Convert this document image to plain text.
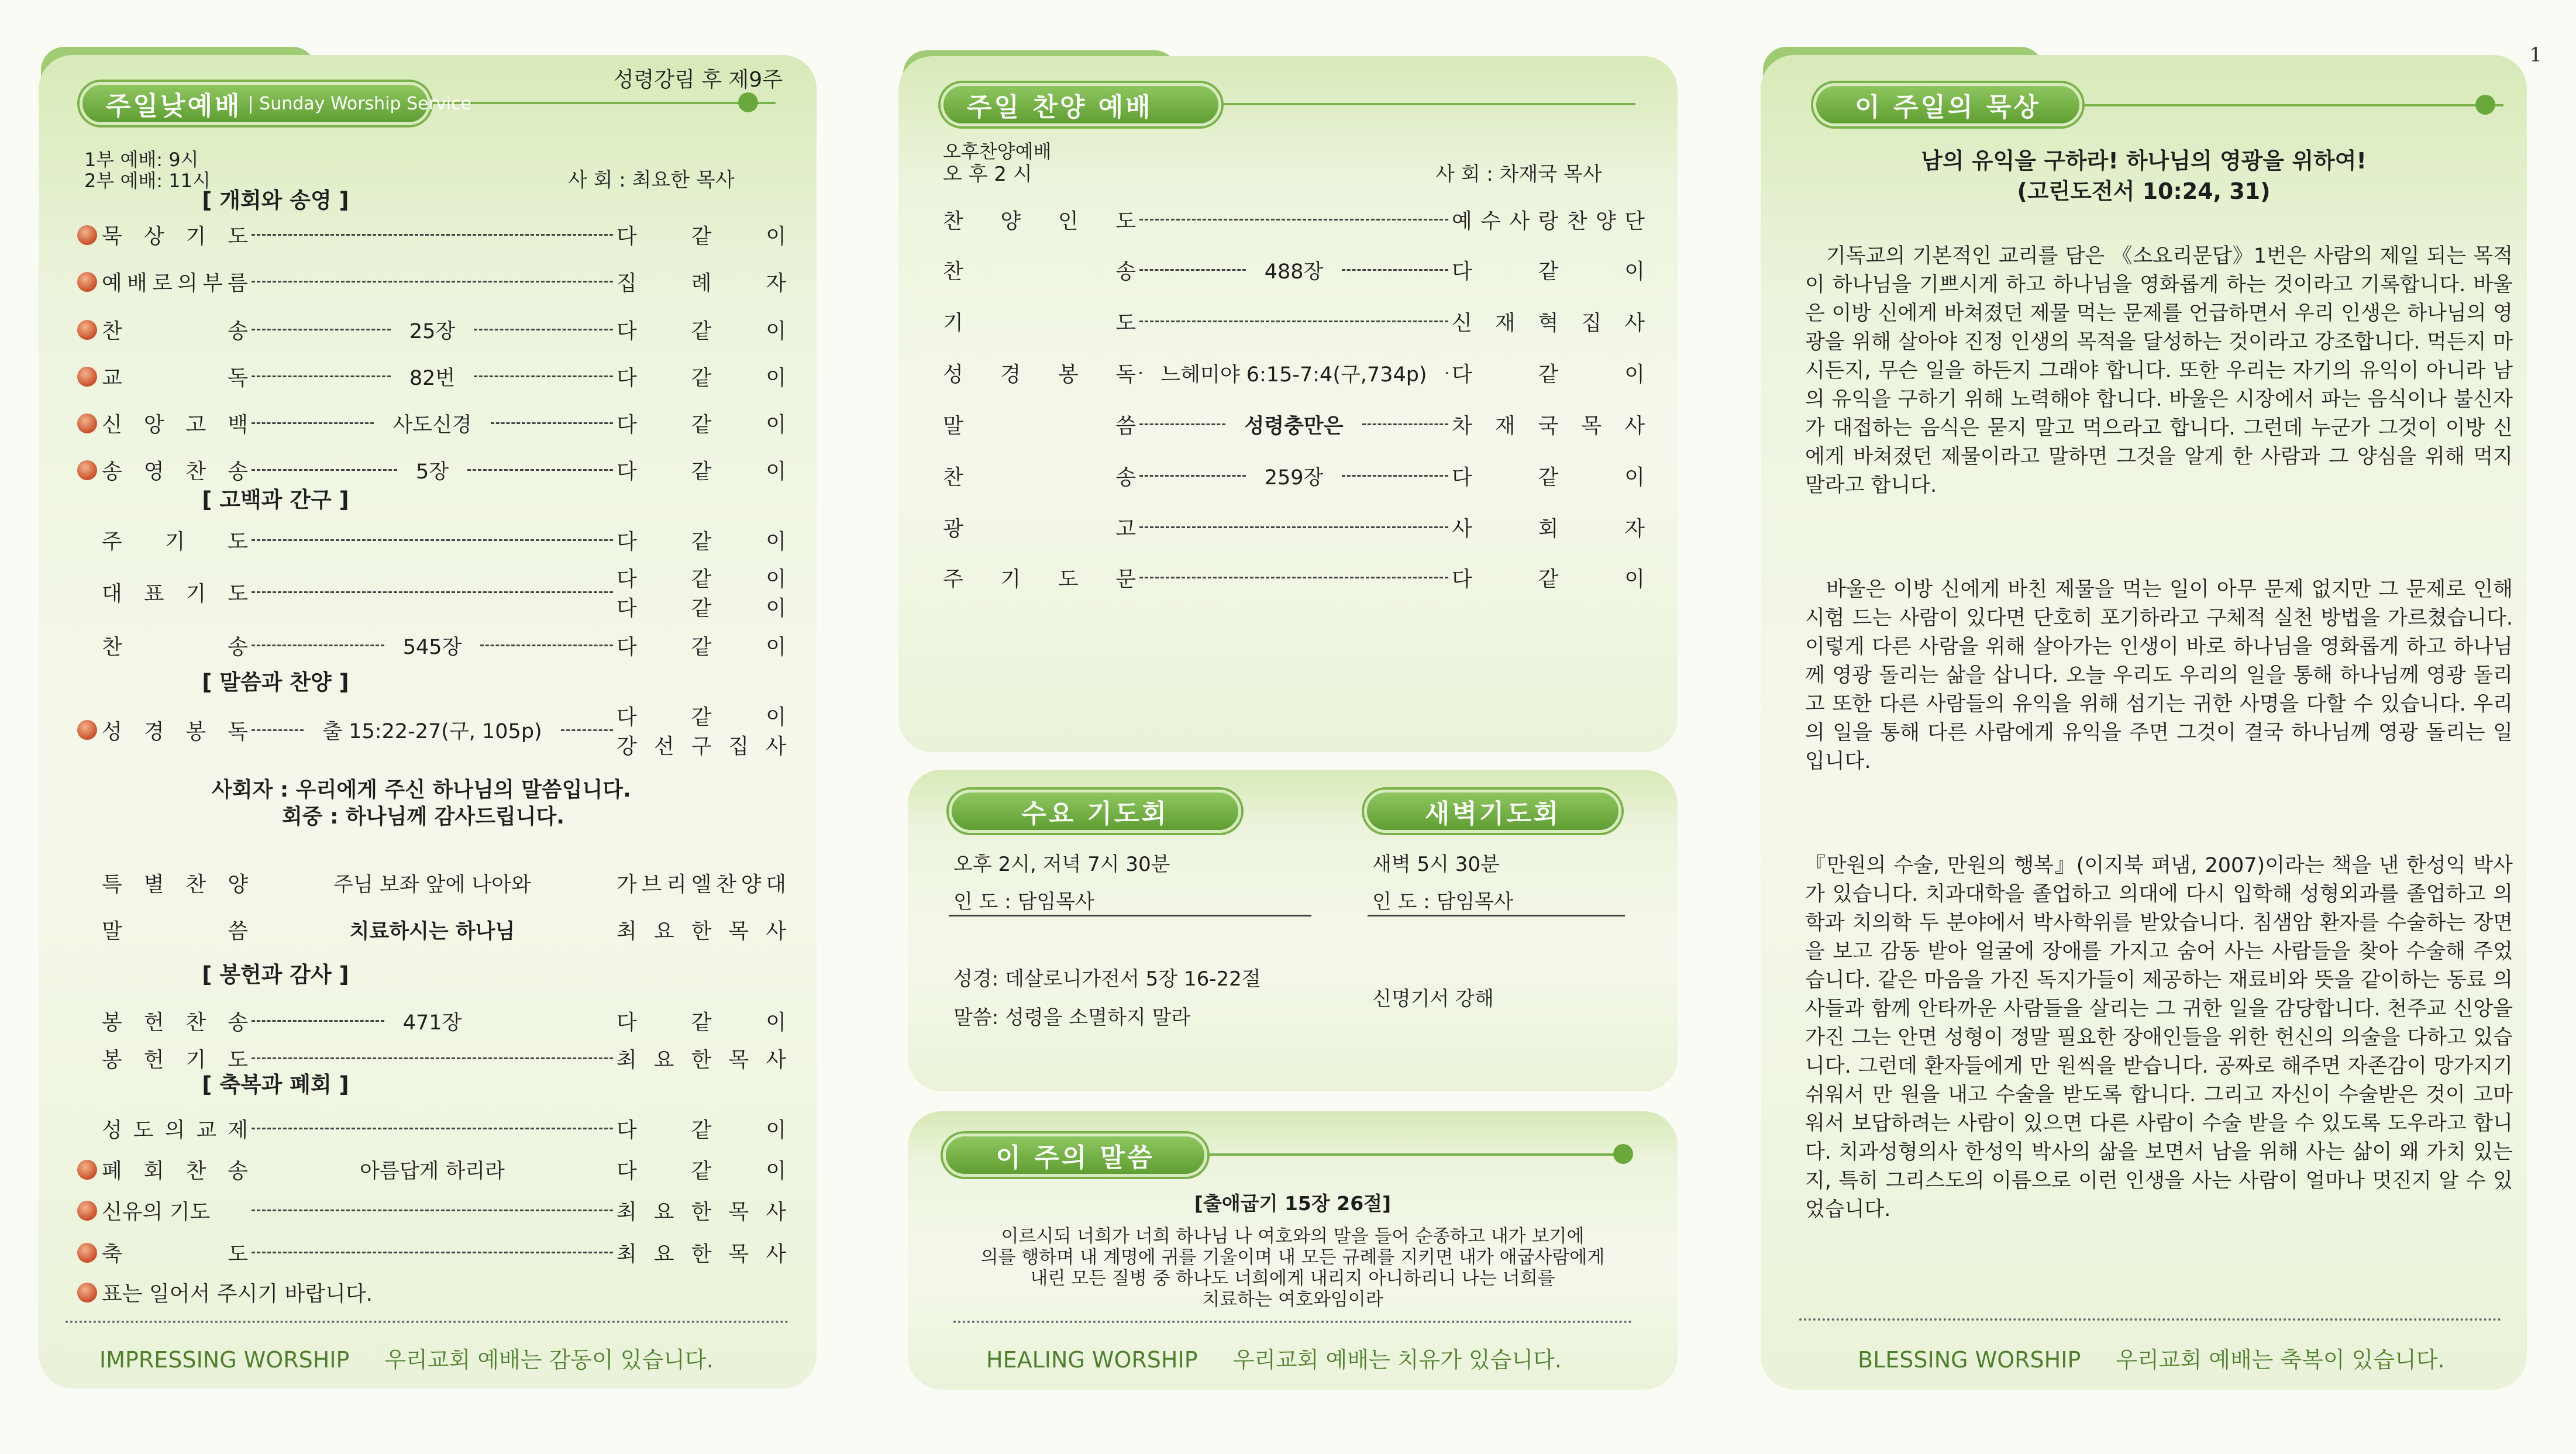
1
성령강림 후 제9주
주일낮예배 | Sunday Worship Service
1부 예배: 9시
2부 예배: 11시	사 회 : 최요한 목사
[ 개회와 송영 ]
묵 상 기 도	다	같	이
예 배 로 의 부 름	집	례	자
찬	송	25장	다	같	이
교	독	82번	다	같	이
신 앙 고 백	사도신경	다	같	이
송 영 찬 송	5장	다	같	이
주 기 도	다	같	이
대 표 기 도
다	같	이
다	같	이
찬	송	545장	다	같	이
성 경 봉 독	출 15:22-27(구, 105p)
다	같	이
강 선 구 집 사
특 별 찬 양	주님 보좌 앞에 나아와	가 브 리 엘 찬 양 대
말	씀	치료하시는 하나님	최 요 한 목 사
봉 헌 찬 송	471장	다	같	이
봉 헌 기 도	최 요 한 목 사
성 도 의 교 제	다	같	이
폐 회 찬 송	아름답게 하리라	다	같	이
신유의 기도	최 요 한 목 사
축	도	최 요 한 목 사
[ 고백과 간구 ]
[ 말씀과 찬양 ]
사회자 : 우리에게 주신 하나님의 말씀입니다.
회중 : 하나님께 감사드립니다.
[ 봉헌과 감사 ]
[ 축복과 폐회 ]
표는 일어서 주시기 바랍니다.
IMPRESSING WORSHIP 우리교회 예배는 감동이 있습니다.
주일 찬양 예배
오후찬양예배
오 후 2 시	사 회 : 차재국 목사
찬 양 인 도	예 수 사 랑 찬 양 단
찬	송	488장	다	같	이
기	도	신 재 혁 집 사
성 경 봉 독	느헤미야 6:15-7:4(구,734p)	다	같	이
말	씀	성령충만은	차 재 국 목 사
찬	송	259장	다	같	이
광	고	사	회	자
주 기 도 문	다	같	이
수요 기도회	새벽기도회
오후 2시, 저녁 7시 30분
인 도 : 담임목사
성경: 데살로니가전서 5장 16-22절
말씀: 성령을 소멸하지 말라
새벽 5시 30분
인 도 : 담임목사
신명기서 강해
이 주의 말씀
[출애굽기 15장 26절]
이르시되 너희가 너희 하나님 나 여호와의 말을 들어 순종하고 내가 보기에
의를 행하며 내 계명에 귀를 기울이며 내 모든 규례를 지키면 내가 애굽사람에게
내린 모든 질병 중 하나도 너희에게 내리지 아니하리니 나는 너희를
치료하는 여호와임이라
HEALING WORSHIP 우리교회 예배는 치유가 있습니다.
이 주일의 묵상
남의 유익을 구하라! 하나님의 영광을 위하여!
(고린도전서 10:24, 31)
기독교의 기본적인 교리를 담은 《소요리문답》1번은 사람의 제일 되는 목적이 하나님을 기쁘시게 하고 하나님을 영화롭게 하는 것이라고 기록합니다. 바울은 이방 신에게 바쳐졌던 제물 먹는 문제를 언급하면서 우리 인생은 하나님의 영광을 위해 살아야 진정 인생의 목적을 달성하는 것이라고 강조합니다. 먹든지 마시든지, 무슨 일을 하든지 그래야 합니다. 또한 우리는 자기의 유익이 아니라 남의 유익을 구하기 위해 노력해야 합니다. 바울은 시장에서 파는 음식이나 불신자가 대접하는 음식은 묻지 말고 먹으라고 합니다. 그런데 누군가 그것이 이방 신에게 바쳐졌던 제물이라고 말하면 그것을 알게 한 사람과 그 양심을 위해 먹지 말라고 합니다.
바울은 이방 신에게 바친 제물을 먹는 일이 아무 문제 없지만 그 문제로 인해 시험 드는 사람이 있다면 단호히 포기하라고 구체적 실천 방법을 가르쳤습니다. 이렇게 다른 사람을 위해 살아가는 인생이 바로 하나님을 영화롭게 하고 하나님께 영광 돌리는 삶을 삽니다. 오늘 우리도 우리의 일을 통해 하나님께 영광 돌리고 또한 다른 사람들의 유익을 위해 섬기는 귀한 사명을 다할 수 있습니다. 우리의 일을 통해 다른 사람에게 유익을 주면 그것이 결국 하나님께 영광 돌리는 일입니다.
『만원의 수술, 만원의 행복』(이지북 펴냄, 2007)이라는 책을 낸 한성익 박사가 있습니다. 치과대학을 졸업하고 의대에 다시 입학해 성형외과를 졸업하고 의학과 치의학 두 분야에서 박사학위를 받았습니다. 침샘암 환자를 수술하는 장면을 보고 감동 받아 얼굴에 장애를 가지고 숨어 사는 사람들을 찾아 수술해 주었습니다. 같은 마음을 가진 독지가들이 제공하는 재료비와 뜻을 같이하는 동료 의사들과 함께 안타까운 사람들을 살리는 그 귀한 일을 감당합니다. 천주교 신앙을 가진 그는 안면 성형이 정말 필요한 장애인들을 위한 헌신의 의술을 다하고 있습니다. 그런데 환자들에게 만 원씩을 받습니다. 공짜로 해주면 자존감이 망가지기 쉬워서 만 원을 내고 수술을 받도록 합니다. 그리고 자신이 수술받은 것이 고마워서 보답하려는 사람이 있으면 다른 사람이 수술 받을 수 있도록 도우라고 합니다. 치과성형의사 한성익 박사의 삶을 보면서 남을 위해 사는 삶이 왜 가치 있는지, 특히 그리스도의 이름으로 이런 인생을 사는 사람이 얼마나 멋진지 알 수 있었습니다.
BLESSING WORSHIP 우리교회 예배는 축복이 있습니다.
